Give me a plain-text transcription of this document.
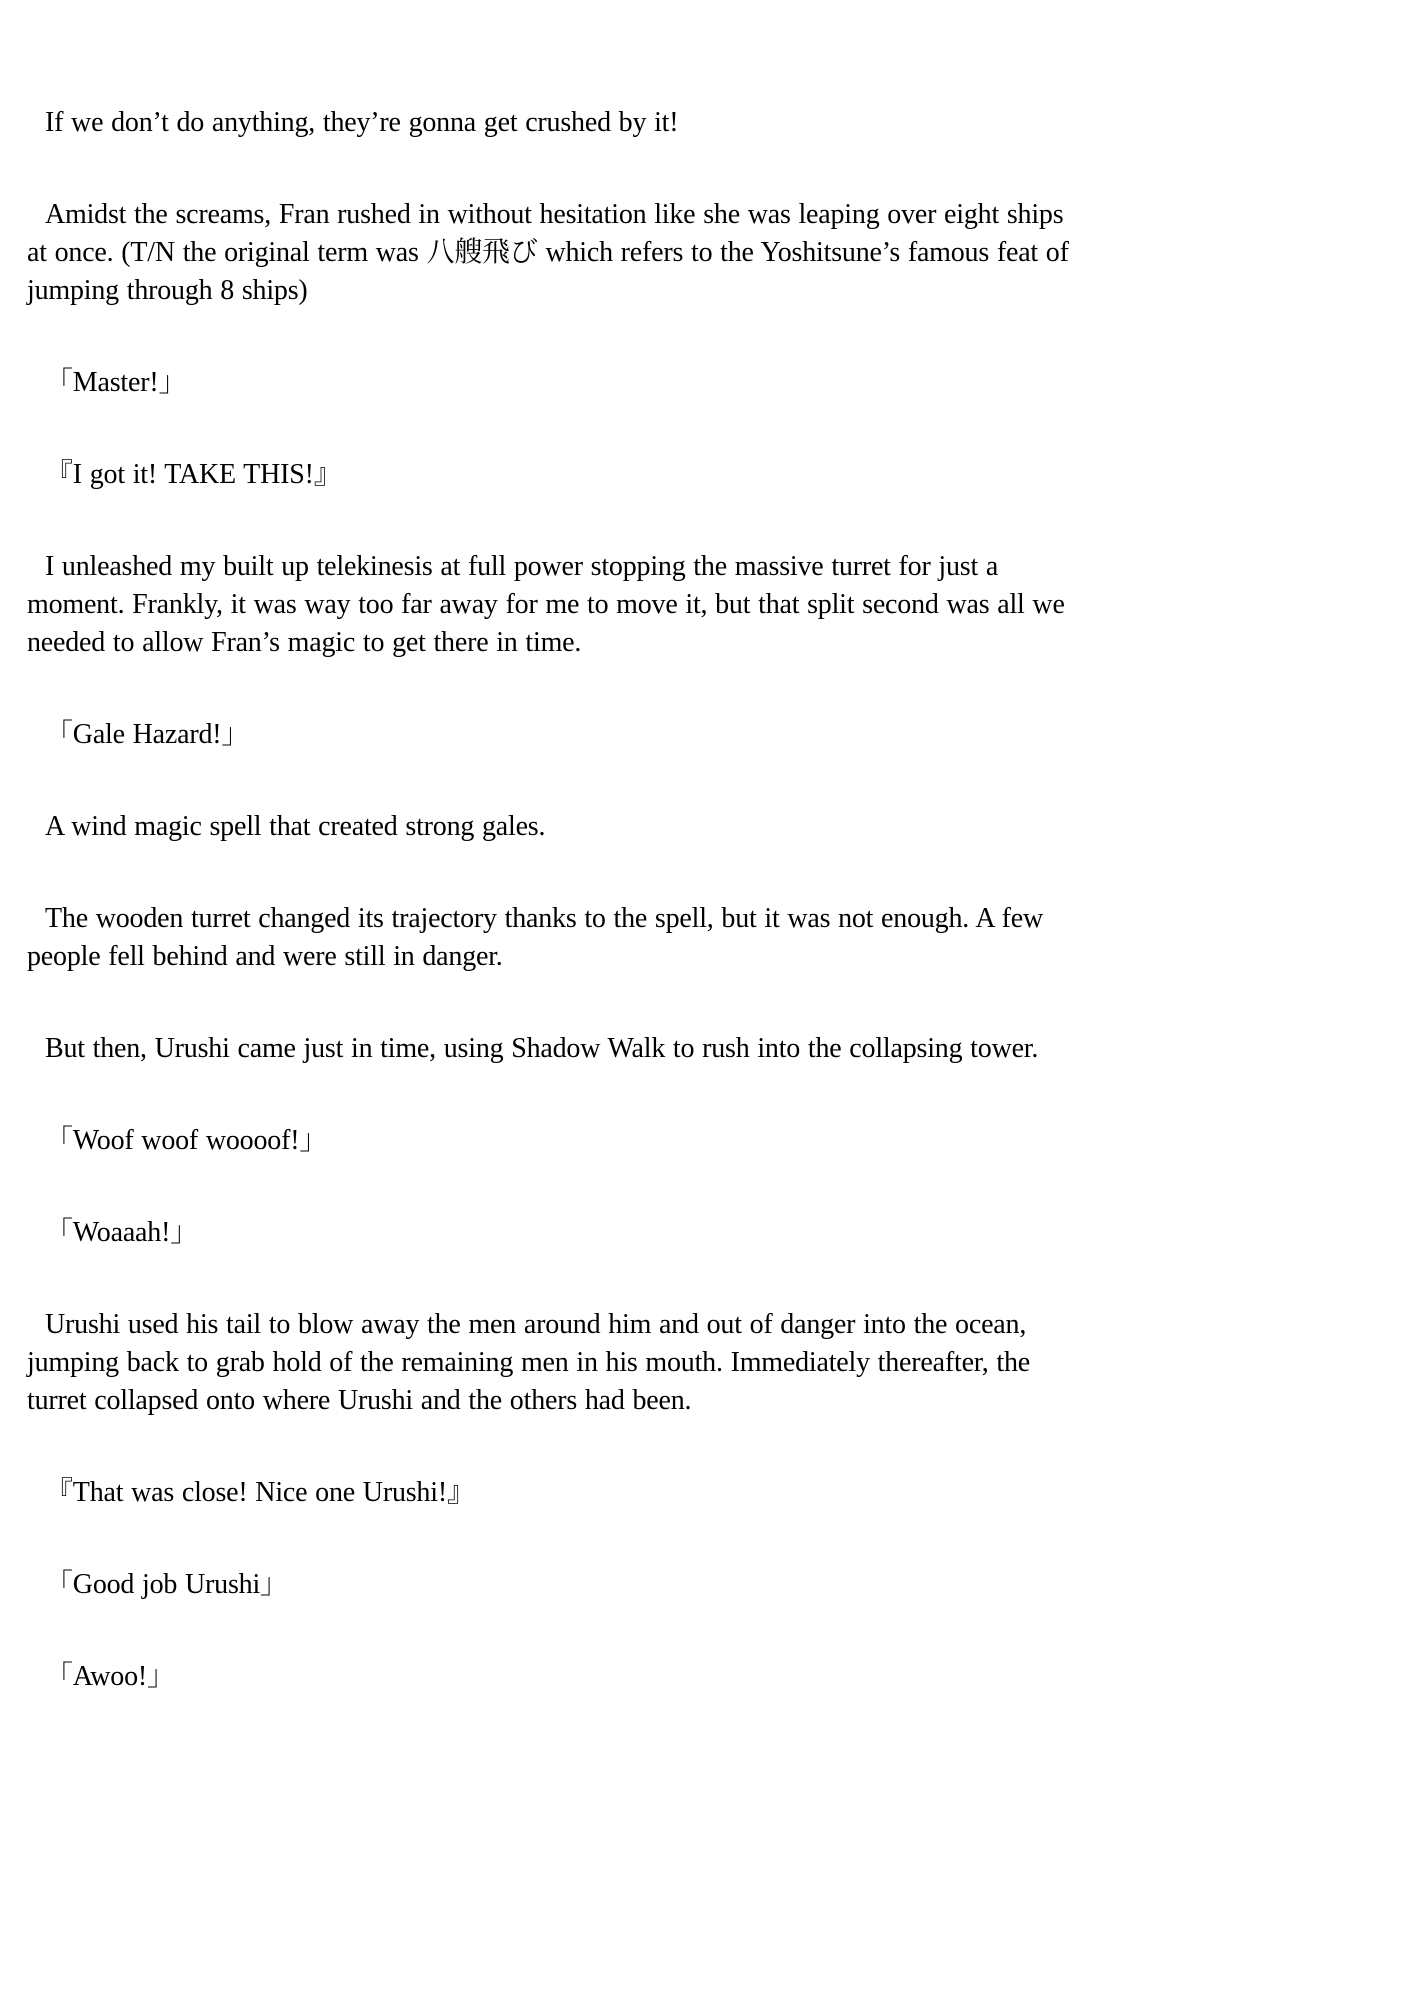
If we don’t do anything, they’re gonna get crushed by it!

Amidst the screams, Fran rushed in without hesitation like she was leaping over eight ships at once. (T/N the original term was 八艘飛び which refers to the Yoshitsune’s famous feat of jumping through 8 ships)

「Master!」

『I got it! TAKE THIS!』

I unleashed my built up telekinesis at full power stopping the massive turret for just a moment. Frankly, it was way too far away for me to move it, but that split second was all we needed to allow Fran’s magic to get there in time.

「Gale Hazard!」

A wind magic spell that created strong gales.

The wooden turret changed its trajectory thanks to the spell, but it was not enough. A few people fell behind and were still in danger.

But then, Urushi came just in time, using Shadow Walk to rush into the collapsing tower.

「Woof woof woooof!」

「Woaaah!」

Urushi used his tail to blow away the men around him and out of danger into the ocean, jumping back to grab hold of the remaining men in his mouth. Immediately thereafter, the turret collapsed onto where Urushi and the others had been.

『That was close! Nice one Urushi!』

「Good job Urushi」

「Awoo!」
